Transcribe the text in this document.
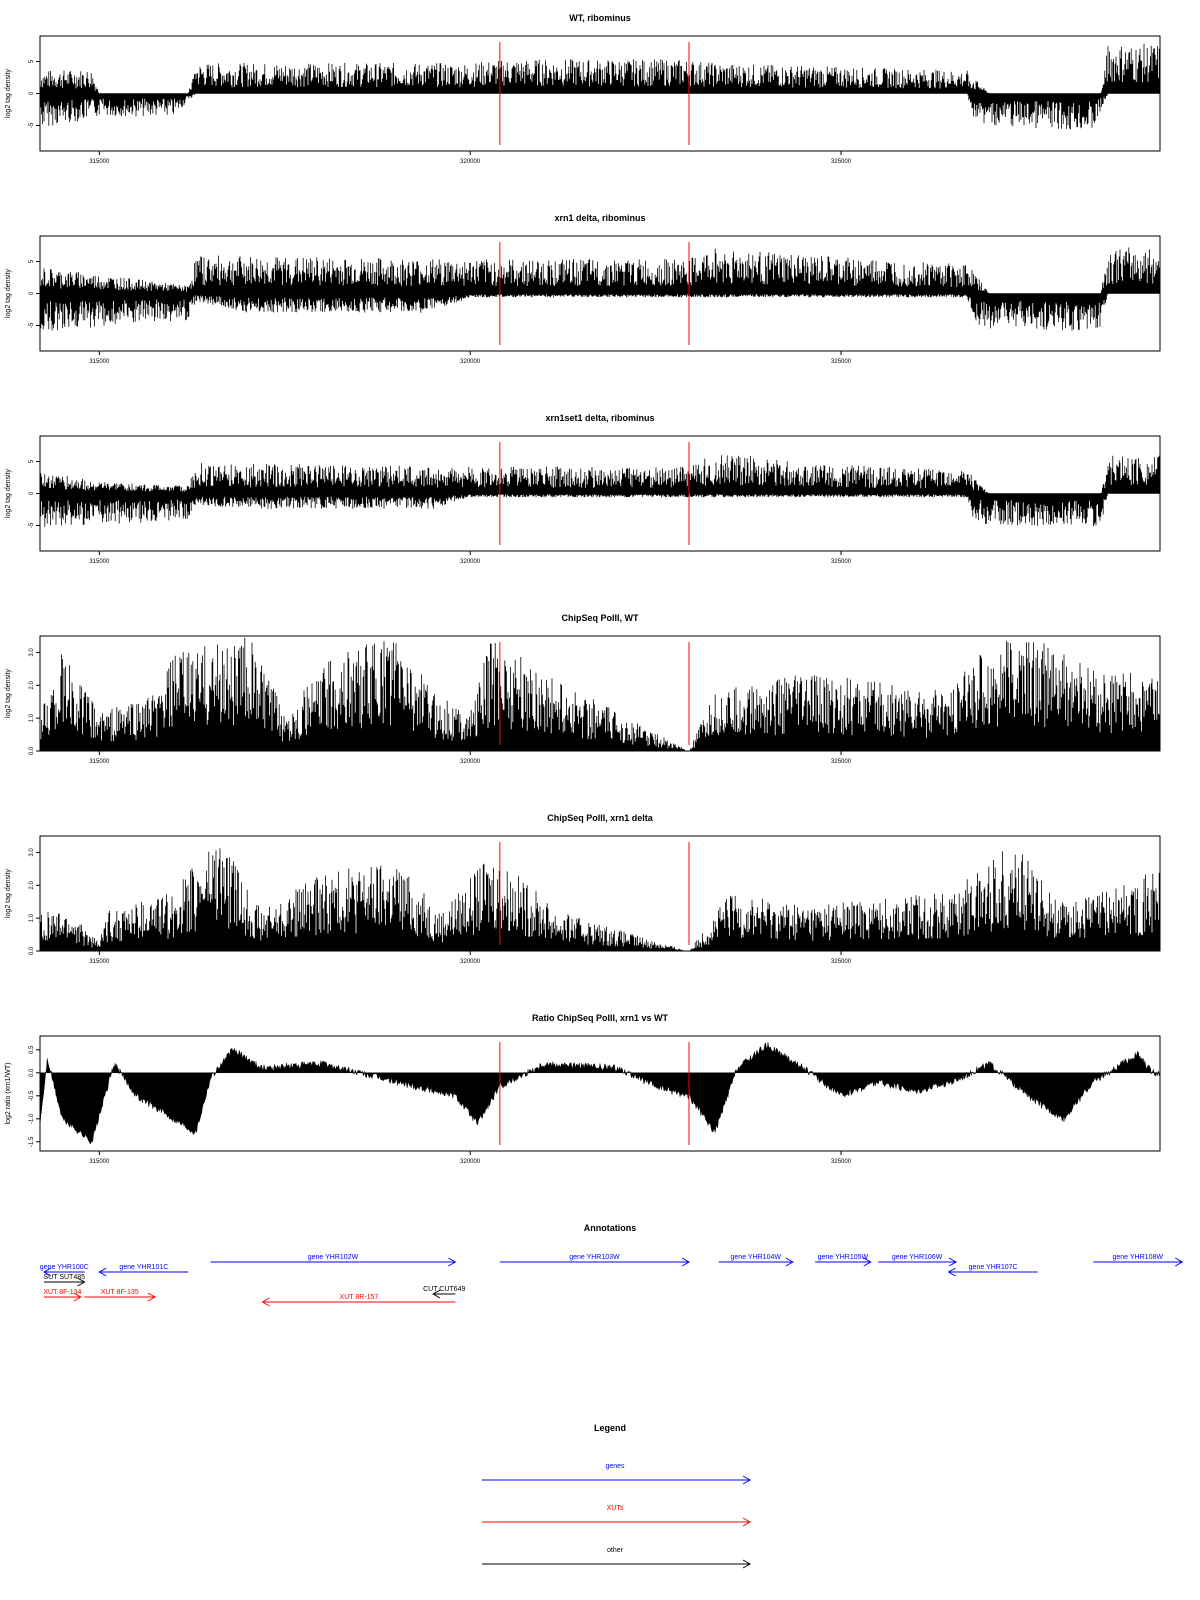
WT, ribominus
log2 tag density
-5
0
5
315000	320000	325000
xrn1 delta, ribominus
log2 tag density
-5
0
5
315000	320000	325000
xrn1set1 delta, ribominus
log2 tag density
-5
0
5
315000	320000	325000
ChipSeq PolII, WT
log2 tag density
0.0
1.0
2.0
3.0
315000	320000	325000
ChipSeq PolII, xrn1 delta
log2 tag density
0.0
1.0
2.0
3.0
315000	320000	325000
Ratio ChipSeq PolII, xrn1 vs WT
log2 ratio (xrn1/WT)
-1.5
-1.0
-0.5
0.0
0.5
315000	320000	325000
Annotations
gene YHR100C	gene YHR101C
gene YHR102W	gene YHR103W	gene YHR104W	gene YHR105W	gene YHR106W
gene YHR107C
gene YHR108W
SUT SUT485
XUT 8F-134	XUT 8F-135	CUT CUT649
XUT 8R-157
Legend
genes
XUTs
other
